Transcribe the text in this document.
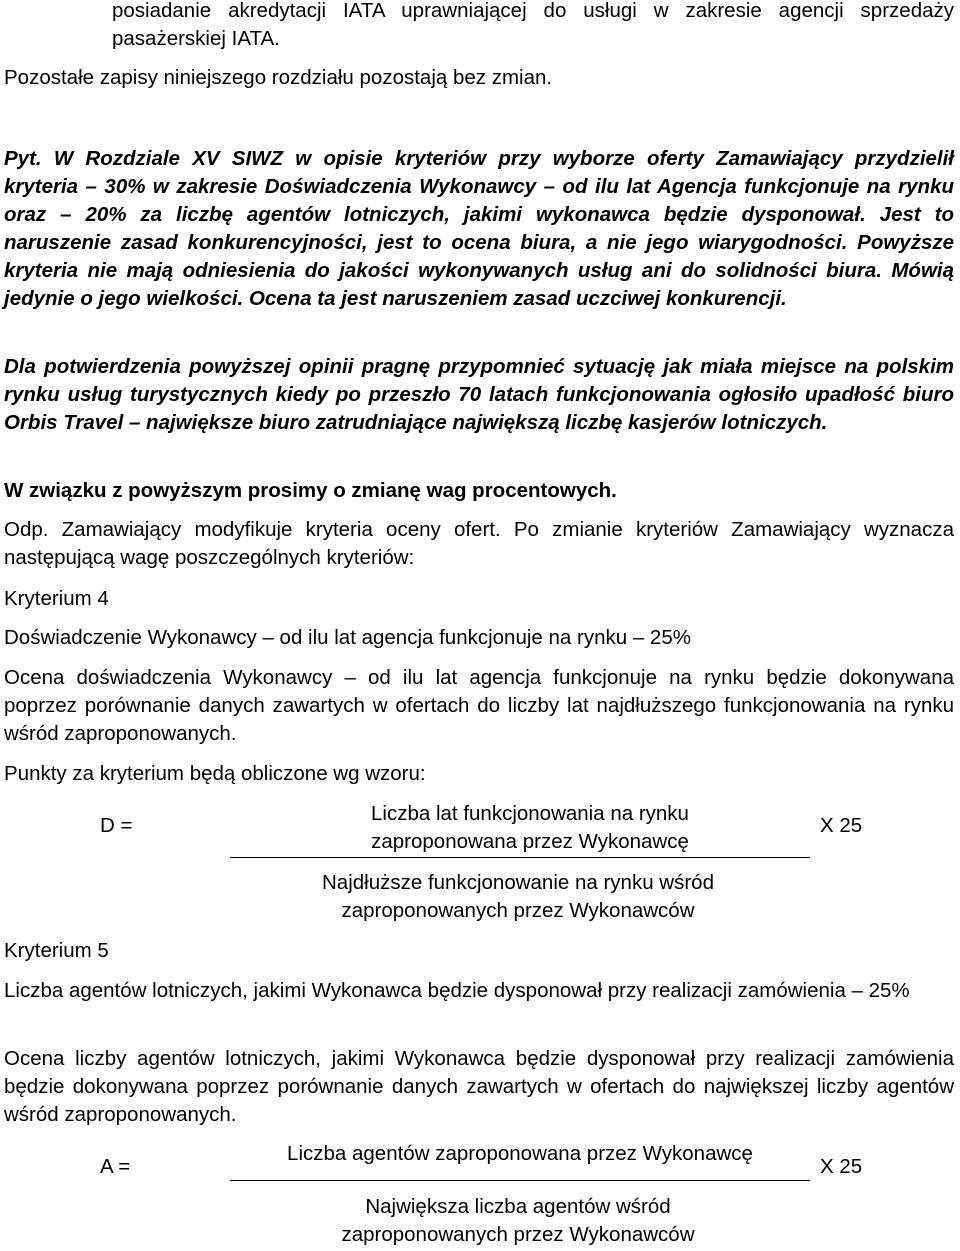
posiadanie akredytacji IATA uprawniającej do usługi w zakresie agencji sprzedaży pasażerskiej IATA.

Pozostałe zapisy niniejszego rozdziału pozostają bez zmian.

Pyt. W Rozdziale XV SIWZ w opisie kryteriów przy wyborze oferty Zamawiający przydzielił kryteria – 30% w zakresie Doświadczenia Wykonawcy – od ilu lat Agencja funkcjonuje na rynku oraz – 20% za liczbę agentów lotniczych, jakimi wykonawca będzie dysponował. Jest to naruszenie zasad konkurencyjności, jest to ocena biura, a nie jego wiarygodności. Powyższe kryteria nie mają odniesienia do jakości wykonywanych usług ani do solidności biura. Mówią jedynie o jego wielkości. Ocena ta jest naruszeniem zasad uczciwej konkurencji.

Dla potwierdzenia powyższej opinii pragnę przypomnieć sytuację jak miała miejsce na polskim rynku usług turystycznych kiedy po przeszło 70 latach funkcjonowania ogłosiło upadłość biuro Orbis Travel – największe biuro zatrudniające największą liczbę kasjerów lotniczych.

W związku z powyższym prosimy o zmianę wag procentowych.

Odp. Zamawiający modyfikuje kryteria oceny ofert. Po zmianie kryteriów Zamawiający wyznacza następującą wagę poszczególnych kryteriów:

Kryterium 4

Doświadczenie Wykonawcy – od ilu lat agencja funkcjonuje na rynku – 25%

Ocena doświadczenia Wykonawcy – od ilu lat agencja funkcjonuje na rynku będzie dokonywana poprzez porównanie danych zawartych w ofertach do liczby lat najdłuższego funkcjonowania na rynku wśród zaproponowanych.

Punkty za kryterium będą obliczone wg wzoru:

D =

Liczba lat funkcjonowania na rynku

zaproponowana przez Wykonawcę

Najdłuższe funkcjonowanie na rynku wśród

zaproponowanych przez Wykonawców

X 25

Kryterium 5

Liczba agentów lotniczych, jakimi Wykonawca będzie dysponował przy realizacji zamówienia – 25%

Ocena liczby agentów lotniczych, jakimi Wykonawca będzie dysponował przy realizacji zamówienia będzie dokonywana poprzez porównanie danych zawartych w ofertach do największej liczby agentów wśród zaproponowanych.

A =

Liczba agentów zaproponowana przez Wykonawcę

Największa liczba agentów wśród

zaproponowanych przez Wykonawców

X 25
